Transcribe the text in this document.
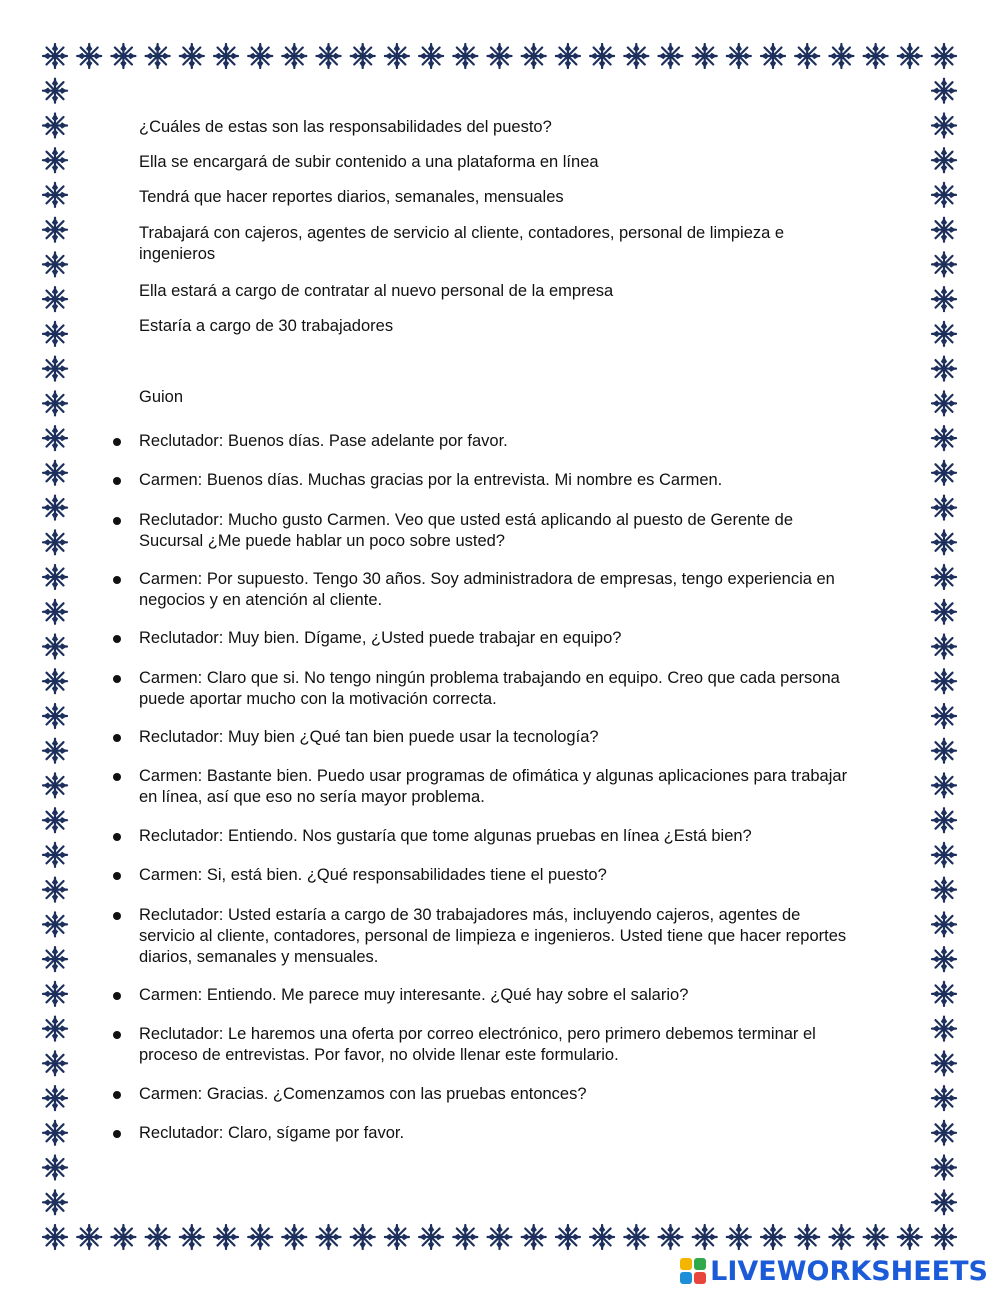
¿Cuáles de estas son las responsabilidades del puesto?
Ella se encargará de subir contenido a una plataforma en línea
Tendrá que hacer reportes diarios, semanales, mensuales
Trabajará con cajeros, agentes de servicio al cliente, contadores, personal de limpieza e ingenieros
Ella estará a cargo de contratar al nuevo personal de la empresa
Estaría a cargo de 30 trabajadores
Guion
Reclutador: Buenos días. Pase adelante por favor.
Carmen: Buenos días. Muchas gracias por la entrevista. Mi nombre es Carmen.
Reclutador: Mucho gusto Carmen. Veo que usted está aplicando al puesto de Gerente de Sucursal ¿Me puede hablar un poco sobre usted?
Carmen: Por supuesto. Tengo 30 años. Soy administradora de empresas, tengo experiencia en negocios y en atención al cliente.
Reclutador: Muy bien. Dígame, ¿Usted puede trabajar en equipo?
Carmen: Claro que si. No tengo ningún problema trabajando en equipo. Creo que cada persona puede aportar mucho con la motivación correcta.
Reclutador: Muy bien ¿Qué tan bien puede usar la tecnología?
Carmen: Bastante bien. Puedo usar programas de ofimática y algunas aplicaciones para trabajar en línea, así que eso no sería mayor problema.
Reclutador: Entiendo. Nos gustaría que tome algunas pruebas en línea ¿Está bien?
Carmen: Si, está bien. ¿Qué responsabilidades tiene el puesto?
Reclutador: Usted estaría a cargo de 30 trabajadores más, incluyendo cajeros, agentes de servicio al cliente, contadores, personal de limpieza e ingenieros. Usted tiene que hacer reportes diarios, semanales y mensuales.
Carmen: Entiendo. Me parece muy interesante. ¿Qué hay sobre el salario?
Reclutador: Le haremos una oferta por correo electrónico, pero primero debemos terminar el proceso de entrevistas. Por favor, no olvide llenar este formulario.
Carmen: Gracias. ¿Comenzamos con las pruebas entonces?
Reclutador: Claro, sígame por favor.
LIVEWORKSHEETS
